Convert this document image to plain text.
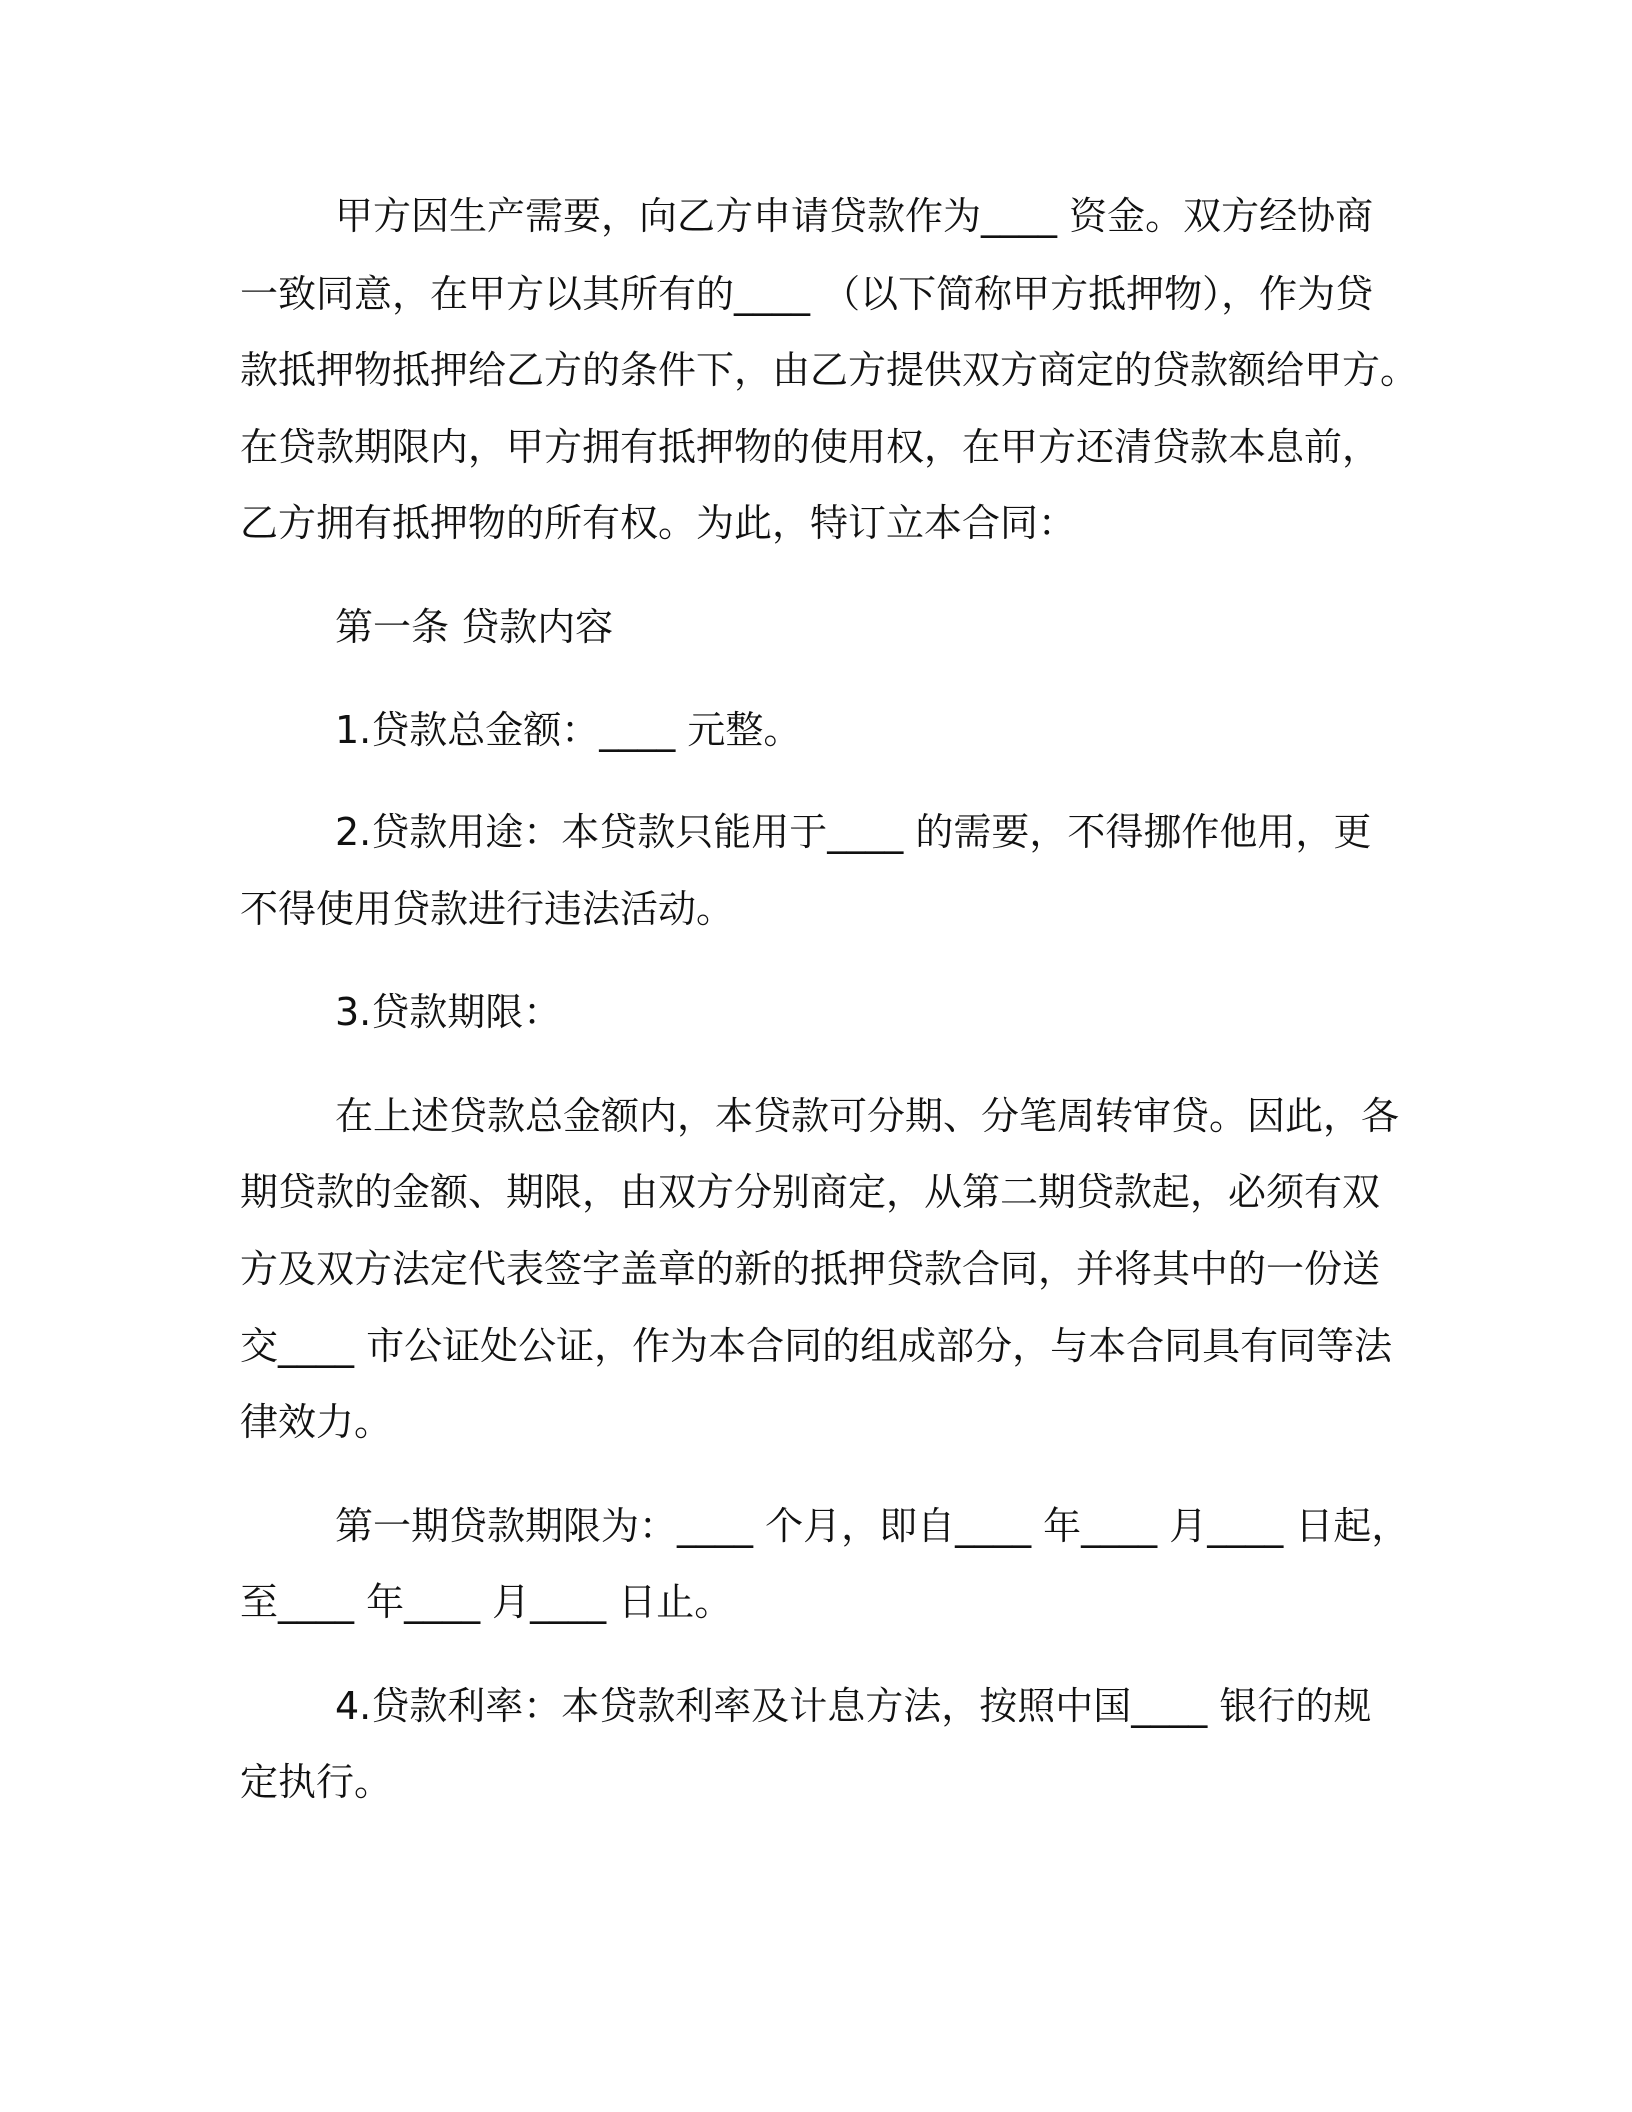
甲方因生产需要，向乙方申请贷款作为____ 资金。双方经协商
一致同意，在甲方以其所有的____ （以下简称甲方抵押物），作为贷
款抵押物抵押给乙方的条件下，由乙方提供双方商定的贷款额给甲方。
在贷款期限内，甲方拥有抵押物的使用权，在甲方还清贷款本息前，
乙方拥有抵押物的所有权。为此，特订立本合同：
第一条 贷款内容
1.贷款总金额：____ 元整。
2.贷款用途：本贷款只能用于____ 的需要，不得挪作他用，更
不得使用贷款进行违法活动。
3.贷款期限：
在上述贷款总金额内，本贷款可分期、分笔周转审贷。因此，各
期贷款的金额、期限，由双方分别商定，从第二期贷款起，必须有双
方及双方法定代表签字盖章的新的抵押贷款合同，并将其中的一份送
交____ 市公证处公证，作为本合同的组成部分，与本合同具有同等法
律效力。
第一期贷款期限为：____ 个月，即自____ 年____ 月____ 日起，
至____ 年____ 月____ 日止。
4.贷款利率：本贷款利率及计息方法，按照中国____ 银行的规
定执行。
